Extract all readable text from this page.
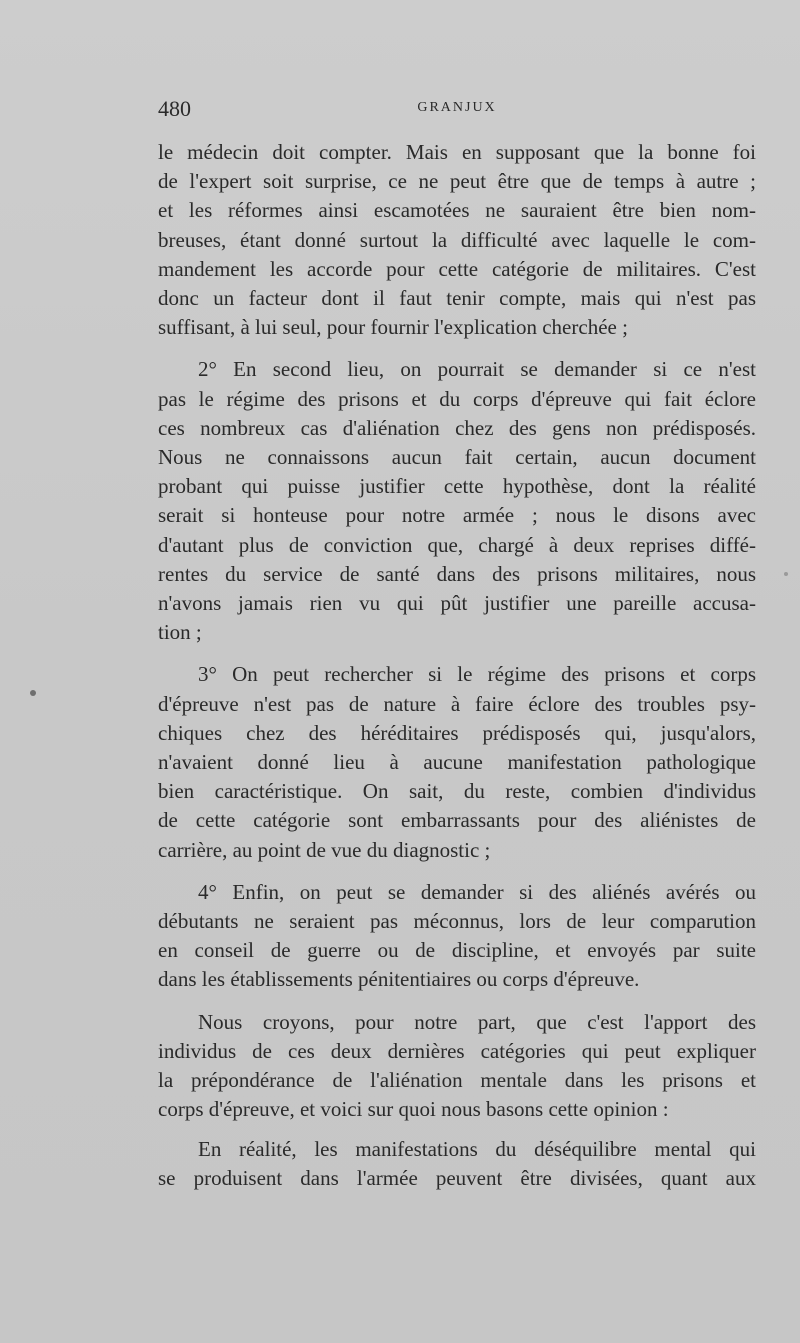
480	GRANJUX
le médecin doit compter. Mais en supposant que la bonne foi
de l'expert soit surprise, ce ne peut être que de temps à autre ;
et les réformes ainsi escamotées ne sauraient être bien nom-
breuses, étant donné surtout la difficulté avec laquelle le com-
mandement les accorde pour cette catégorie de militaires. C'est
donc un facteur dont il faut tenir compte, mais qui n'est pas
suffisant, à lui seul, pour fournir l'explication cherchée ;
2° En second lieu, on pourrait se demander si ce n'est
pas le régime des prisons et du corps d'épreuve qui fait éclore
ces nombreux cas d'aliénation chez des gens non prédisposés.
Nous ne connaissons aucun fait certain, aucun document
probant qui puisse justifier cette hypothèse, dont la réalité
serait si honteuse pour notre armée ; nous le disons avec
d'autant plus de conviction que, chargé à deux reprises diffé-
rentes du service de santé dans des prisons militaires, nous
n'avons jamais rien vu qui pût justifier une pareille accusa-
tion ;
3° On peut rechercher si le régime des prisons et corps
d'épreuve n'est pas de nature à faire éclore des troubles psy-
chiques chez des héréditaires prédisposés qui, jusqu'alors,
n'avaient donné lieu à aucune manifestation pathologique
bien caractéristique. On sait, du reste, combien d'individus
de cette catégorie sont embarrassants pour des aliénistes de
carrière, au point de vue du diagnostic ;
4° Enfin, on peut se demander si des aliénés avérés ou
débutants ne seraient pas méconnus, lors de leur comparution
en conseil de guerre ou de discipline, et envoyés par suite
dans les établissements pénitentiaires ou corps d'épreuve.
Nous croyons, pour notre part, que c'est l'apport des
individus de ces deux dernières catégories qui peut expliquer
la prépondérance de l'aliénation mentale dans les prisons et
corps d'épreuve, et voici sur quoi nous basons cette opinion :
En réalité, les manifestations du déséquilibre mental qui
se produisent dans l'armée peuvent être divisées, quant aux
